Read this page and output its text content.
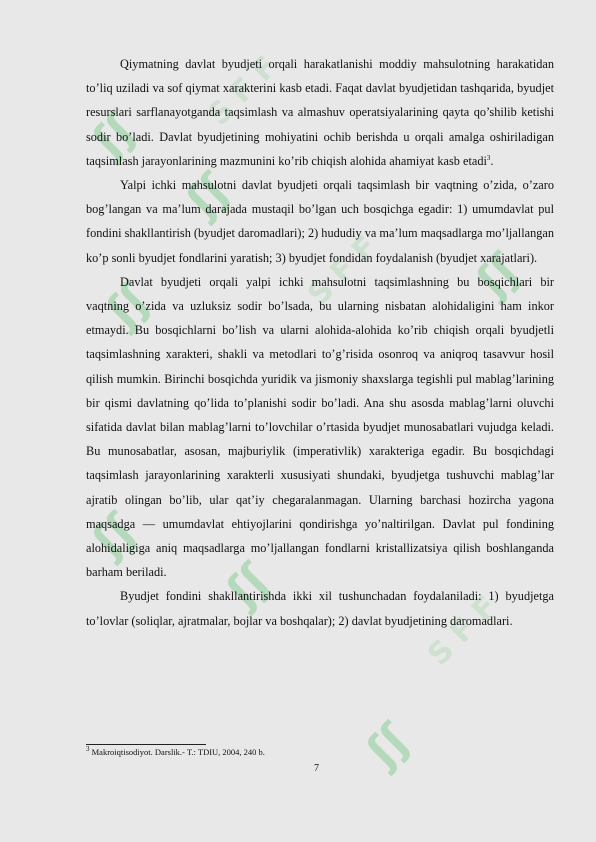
ʃʃ
ʃʃ
ʃʃ
ʃʃ
ʃʃ
ʃʃ
ʃʃ
SFF
SFF
SFF

Qiymatning davlat byudjeti orqali harakatlanishi moddiy mahsulotning harakatidan to’liq uziladi va sof qiymat xarakterini kasb etadi. Faqat davlat byudjetidan tashqarida, byudjet resurslari sarflanayotganda taqsimlash va almashuv operatsiyalarining qayta qo’shilib ketishi sodir bo’ladi. Davlat byudjetining mohiyatini ochib berishda u orqali amalga oshiriladigan taqsimlash jarayonlarining mazmunini ko’rib chiqish alohida ahamiyat kasb etadi$^3$.

Yalpi ichki mahsulotni davlat byudjeti orqali taqsimlash bir vaqtning o’zida, o’zaro bog’langan va ma’lum darajada mustaqil bo’lgan uch bosqichga egadir: 1) umumdavlat pul fondini shakllantirish (byudjet daromadlari); 2) hududiy va ma’lum maqsadlarga mo’ljallangan ko’p sonli byudjet fondlarini yaratish; 3) byudjet fondidan foydalanish (byudjet xarajatlari).

Davlat byudjeti orqali yalpi ichki mahsulotni taqsimlashning bu bosqichlari bir vaqtning o’zida va uzluksiz sodir bo’lsada, bu ularning nisbatan alohidaligini ham inkor etmaydi. Bu bosqichlarni bo’lish va ularni alohida-alohida ko’rib chiqish orqali byudjetli taqsimlashning xarakteri, shakli va metodlari to’g’risida osonroq va aniqroq tasavvur hosil qilish mumkin. Birinchi bosqichda yuridik va jismoniy shaxslarga tegishli pul mablag’larining bir qismi davlatning qo’lida to’planishi sodir bo’ladi. Ana shu asosda mablag’larni oluvchi sifatida davlat bilan mablag’larni to’lovchilar o’rtasida byudjet munosabatlari vujudga keladi. Bu munosabatlar, asosan, majburiylik (imperativlik) xarakteriga egadir. Bu bosqichdagi taqsimlash jarayonlarining xarakterli xususiyati shundaki, byudjetga tushuvchi mablag’lar ajratib olingan bo’lib, ular qat’iy chegaralanmagan. Ularning barchasi hozircha yagona maqsadga — umumdavlat ehtiyojlarini qondirishga yo’naltirilgan. Davlat pul fondining alohidaligiga aniq maqsadlarga mo’ljallangan fondlarni kristallizatsiya qilish boshlanganda barham beriladi.

Byudjet fondini shakllantirishda ikki xil tushunchadan foydalaniladi: 1) byudjetga to’lovlar (soliqlar, ajratmalar, bojlar va boshqalar); 2) davlat byudjetining daromadlari.

$^3$ Makroiqtisodiyot. Darslik.- T.: TDIU, 2004, 240 b.
7
